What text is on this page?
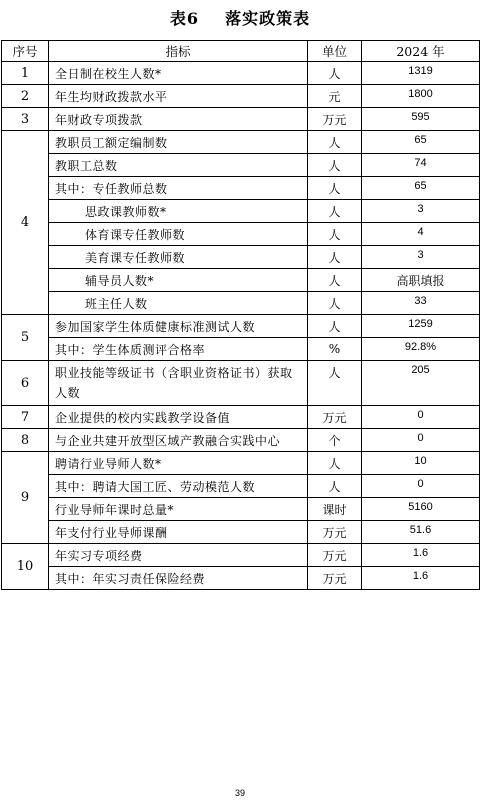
表6 落实政策表
序号	指标	单位	2024 年
1	全日制在校生人数*	人	1319
2	年生均财政拨款水平	元	1800
3	年财政专项拨款	万元	595
4	教职员工额定编制数	人	65
	教职工总数	人	74
	其中：专任教师总数	人	65
	思政课教师数*	人	3
	体育课专任教师数	人	4
	美育课专任教师数	人	3
	辅导员人数*	人	高职填报
	班主任人数	人	33
5	参加国家学生体质健康标准测试人数	人	1259
	其中：学生体质测评合格率	%	92.8%
6	职业技能等级证书（含职业资格证书）获取人数	人	205
7	企业提供的校内实践教学设备值	万元	0
8	与企业共建开放型区域产教融合实践中心	个	0
9	聘请行业导师人数*	人	10
	其中：聘请大国工匠、劳动模范人数	人	0
	行业导师年课时总量*	课时	5160
	年支付行业导师课酬	万元	51.6
10	年实习专项经费	万元	1.6
	其中：年实习责任保险经费	万元	1.6
39
